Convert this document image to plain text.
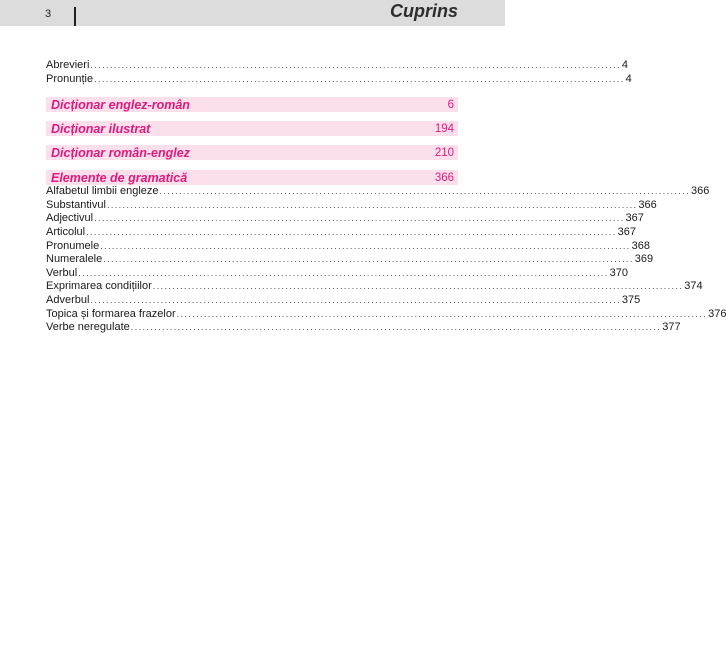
3	Cuprins
Abrevieri ........................................................................................................................................ 4
Pronunție ........................................................................................................................................ 4
Dicționar englez-român	6
Dicționar ilustrat	194
Dicționar român-englez	210
Elemente de gramatică	366
Alfabetul limbii engleze ........................................................................................................................................ 366
Substantivul ........................................................................................................................................ 366
Adjectivul ........................................................................................................................................ 367
Articolul ........................................................................................................................................ 367
Pronumele ........................................................................................................................................ 368
Numeralele ........................................................................................................................................ 369
Verbul ........................................................................................................................................ 370
Exprimarea condițiilor ........................................................................................................................................ 374
Adverbul ........................................................................................................................................ 375
Topica și formarea frazelor ........................................................................................................................................ 376
Verbe neregulate ........................................................................................................................................ 377
